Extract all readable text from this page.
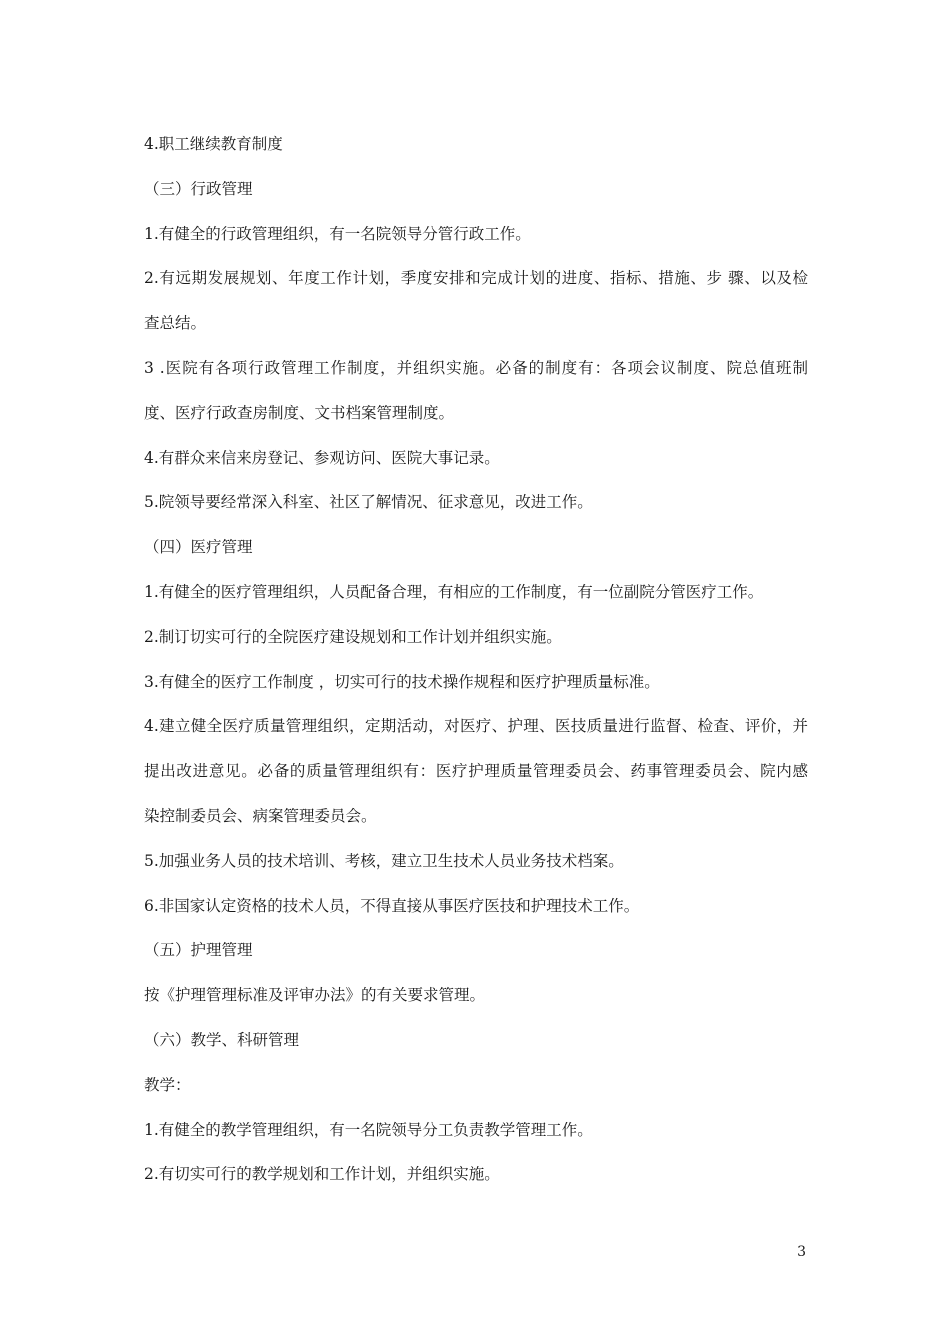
4.职工继续教育制度
（三）行政管理
1.有健全的行政管理组织，有一名院领导分管行政工作。
2.有远期发展规划、年度工作计划，季度安排和完成计划的进度、指标、措施、步 骤、以及检
查总结。
3 .医院有各项行政管理工作制度，并组织实施。必备的制度有：各项会议制度、院总值班制
度、医疗行政查房制度、文书档案管理制度。
4.有群众来信来房登记、参观访问、医院大事记录。
5.院领导要经常深入科室、社区了解情况、征求意见，改进工作。
（四）医疗管理
1.有健全的医疗管理组织，人员配备合理，有相应的工作制度，有一位副院分管医疗工作。
2.制订切实可行的全院医疗建设规划和工作计划并组织实施。
3.有健全的医疗工作制度 ，切实可行的技术操作规程和医疗护理质量标准。
4.建立健全医疗质量管理组织，定期活动，对医疗、护理、医技质量进行监督、检查、评价，并
提出改进意见。必备的质量管理组织有：医疗护理质量管理委员会、药事管理委员会、院内感
染控制委员会、病案管理委员会。
5.加强业务人员的技术培训、考核，建立卫生技术人员业务技术档案。
6.非国家认定资格的技术人员，不得直接从事医疗医技和护理技术工作。
（五）护理管理
按《护理管理标准及评审办法》的有关要求管理。
（六）教学、科研管理
教学：
1.有健全的教学管理组织，有一名院领导分工负责教学管理工作。
2.有切实可行的教学规划和工作计划，并组织实施。
3
